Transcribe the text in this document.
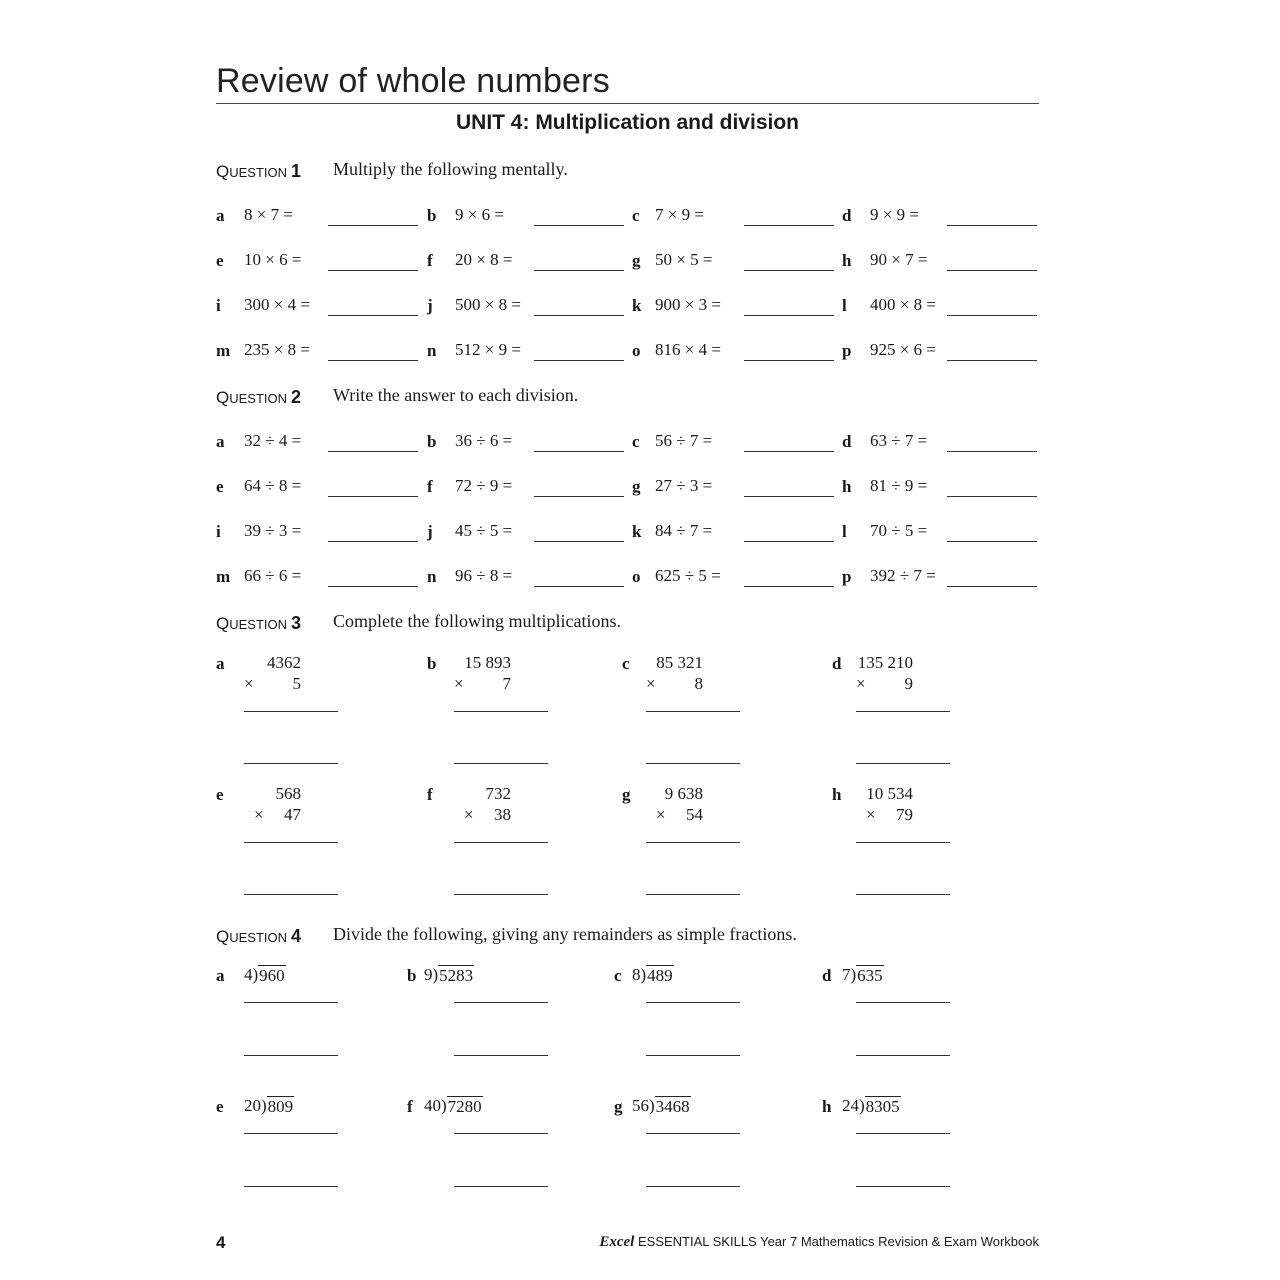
Review of whole numbers
UNIT 4: Multiplication and division
QUESTION 1 Multiply the following mentally.
a 8 × 7 =	b 9 × 6 =	c 7 × 9 =	d 9 × 9 =
e 10 × 6 =	f 20 × 8 =	g 50 × 5 =	h 90 × 7 =
i 300 × 4 =	j 500 × 8 =	k 900 × 3 =	l 400 × 8 =
m 235 × 8 =	n 512 × 9 =	o 816 × 4 =	p 925 × 6 =
QUESTION 2 Write the answer to each division.
a 32 ÷ 4 =	b 36 ÷ 6 =	c 56 ÷ 7 =	d 63 ÷ 7 =
e 64 ÷ 8 =	f 72 ÷ 9 =	g 27 ÷ 3 =	h 81 ÷ 9 =
i 39 ÷ 3 =	j 45 ÷ 5 =	k 84 ÷ 7 =	l 70 ÷ 5 =
m 66 ÷ 6 =	n 96 ÷ 8 =	o 625 ÷ 5 =	p 392 ÷ 7 =
QUESTION 3 Complete the following multiplications.
a	4362
× 5
b	15 893
× 7
c	85 321
× 8
d 135 210
× 9
e	568
× 47
f	732
× 38
g	9 638
× 54
h	10 534
× 79
QUESTION 4 Divide the following, giving any remainders as simple fractions.
a 4 ) 960	b 9 ) 5283	c 8 ) 489	d 7 ) 635
e 20 ) 809	f 40 ) 7280	g 56 ) 3468	h 24 ) 8305
4	Excel ESSENTIAL SKILLS Year 7 Mathematics Revision & Exam Workbook
